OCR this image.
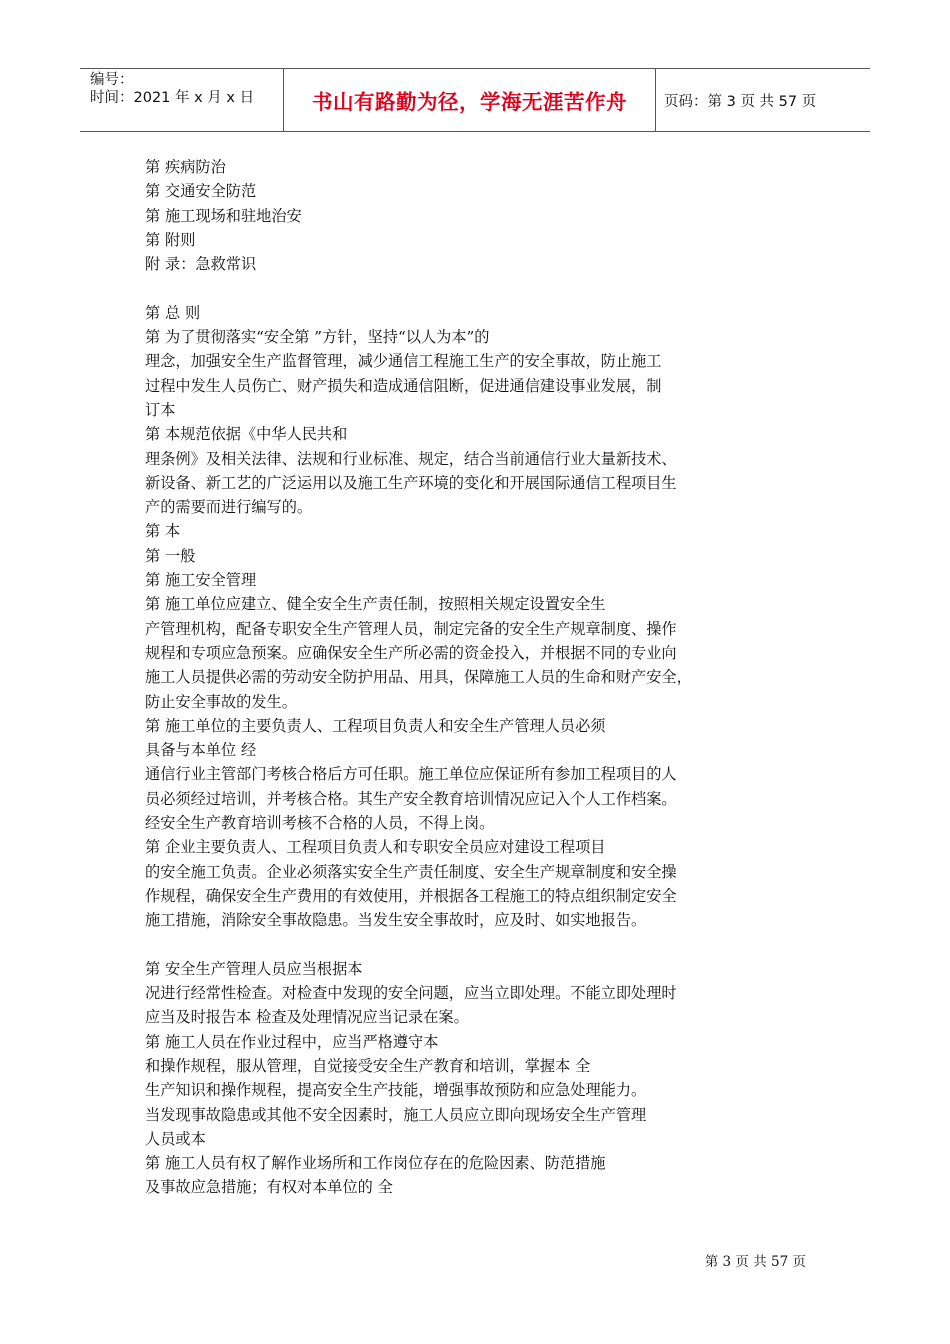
编号：
时间：2021 年 x 月 x 日	书山有路勤为径，学海无涯苦作舟	页码：第 3 页 共 57 页
第 疾病防治
第 交通安全防范
第 施工现场和驻地治安
第 附则
附 录：急救常识
第 总 则
第 为了贯彻落实“安全第 ”方针，坚持“以人为本”的
理念，加强安全生产监督管理，减少通信工程施工生产的安全事故，防止施工
过程中发生人员伤亡、财产损失和造成通信阻断，促进通信建设事业发展，制
订本
第 本规范依据《中华人民共和
理条例》及相关法律、法规和行业标准、规定，结合当前通信行业大量新技术、
新设备、新工艺的广泛运用以及施工生产环境的变化和开展国际通信工程项目生
产的需要而进行编写的。
第 本
第 一般
第 施工安全管理
第 施工单位应建立、健全安全生产责任制，按照相关规定设置安全生
产管理机构，配备专职安全生产管理人员，制定完备的安全生产规章制度、操作
规程和专项应急预案。应确保安全生产所必需的资金投入，并根据不同的专业向
施工人员提供必需的劳动安全防护用品、用具，保障施工人员的生命和财产安全，
防止安全事故的发生。
第 施工单位的主要负责人、工程项目负责人和安全生产管理人员必须
具备与本单位 经
通信行业主管部门考核合格后方可任职。施工单位应保证所有参加工程项目的人
员必须经过培训，并考核合格。其生产安全教育培训情况应记入个人工作档案。
经安全生产教育培训考核不合格的人员，不得上岗。
第 企业主要负责人、工程项目负责人和专职安全员应对建设工程项目
的安全施工负责。企业必须落实安全生产责任制度、安全生产规章制度和安全操
作规程，确保安全生产费用的有效使用，并根据各工程施工的特点组织制定安全
施工措施，消除安全事故隐患。当发生安全事故时，应及时、如实地报告。
第 安全生产管理人员应当根据本
况进行经常性检查。对检查中发现的安全问题，应当立即处理。不能立即处理时
应当及时报告本 检查及处理情况应当记录在案。
第 施工人员在作业过程中，应当严格遵守本
和操作规程，服从管理，自觉接受安全生产教育和培训，掌握本 全
生产知识和操作规程，提高安全生产技能，增强事故预防和应急处理能力。
当发现事故隐患或其他不安全因素时，施工人员应立即向现场安全生产管理
人员或本
第 施工人员有权了解作业场所和工作岗位存在的危险因素、防范措施
及事故应急措施；有权对本单位的 全
第 3 页 共 57 页
